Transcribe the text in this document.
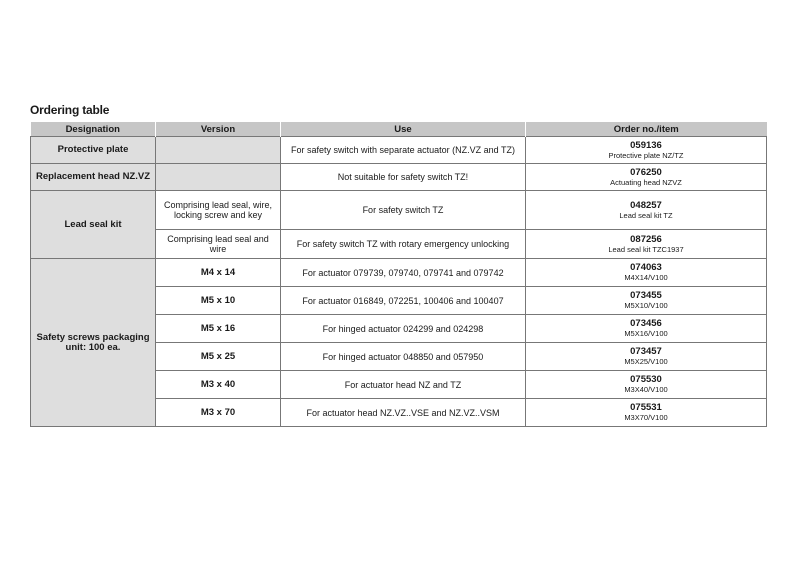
Ordering table
Designation	Version	Use	Order no./item
Protective plate		For safety switch with separate actuator (NZ.VZ and TZ)	059136
Protective plate NZ/TZ

Replacement head NZ.VZ		Not suitable for safety switch TZ!	076250
Actuating head NZVZ

Lead seal kit	Comprising lead seal, wire, locking screw and key	For safety switch TZ	048257
Lead seal kit TZ

	Comprising lead seal and wire	For safety switch TZ with rotary emergency unlocking	087256
Lead seal kit TZC1937

Safety screws packaging unit: 100 ea.	M4 x 14	For actuator 079739, 079740, 079741 and 079742	074063
M4X14/V100

	M5 x 10	For actuator 016849, 072251, 100406 and 100407	073455
M5X10/V100

	M5 x 16	For hinged actuator 024299 and 024298	073456
M5X16/V100

	M5 x 25	For hinged actuator 048850 and 057950	073457
M5X25/V100

	M3 x 40	For actuator head NZ and TZ	075530
M3X40/V100

	M3 x 70	For actuator head NZ.VZ..VSE and NZ.VZ..VSM	075531
M3X70/V100
